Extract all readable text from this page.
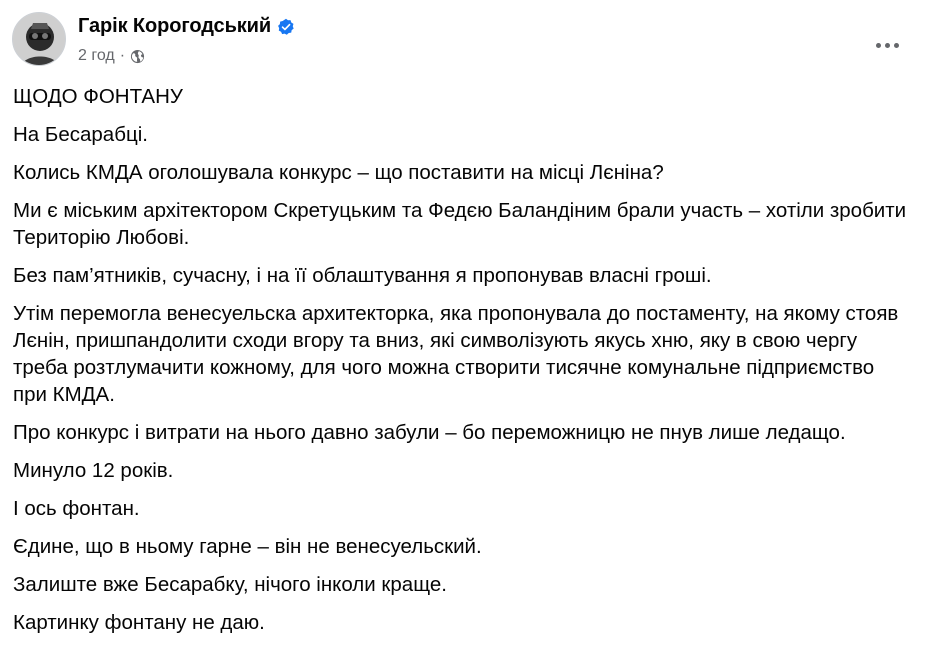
Гарік Корогодський
2 год ·

ЩОДО ФОНТАНУ

На Бесарабці.

Колись КМДА оголошувала конкурс – що поставити на місці Лєніна?

Ми є міським архітектором Скретуцьким та Федєю Баландіним брали участь – хотіли зробити Територію Любові.

Без пам’ятників, сучасну, і на її облаштування я пропонував власні гроші.

Утім перемогла венесуельска архитекторка, яка пропонувала до постаменту, на якому стояв Лєнін, пришпандолити сходи вгору та вниз, які символізують якусь хню, яку в свою чергу треба розтлумачити кожному, для чого можна створити тисячне комунальне підприємство при КМДА.

Про конкурс і витрати на нього давно забули – бо переможницю не пнув лише ледащо.

Минуло 12 років.

І ось фонтан.

Єдине, що в ньому гарне – він не венесуельский.

Залиште вже Бесарабку, нічого інколи краще.

Картинку фонтану не даю.
